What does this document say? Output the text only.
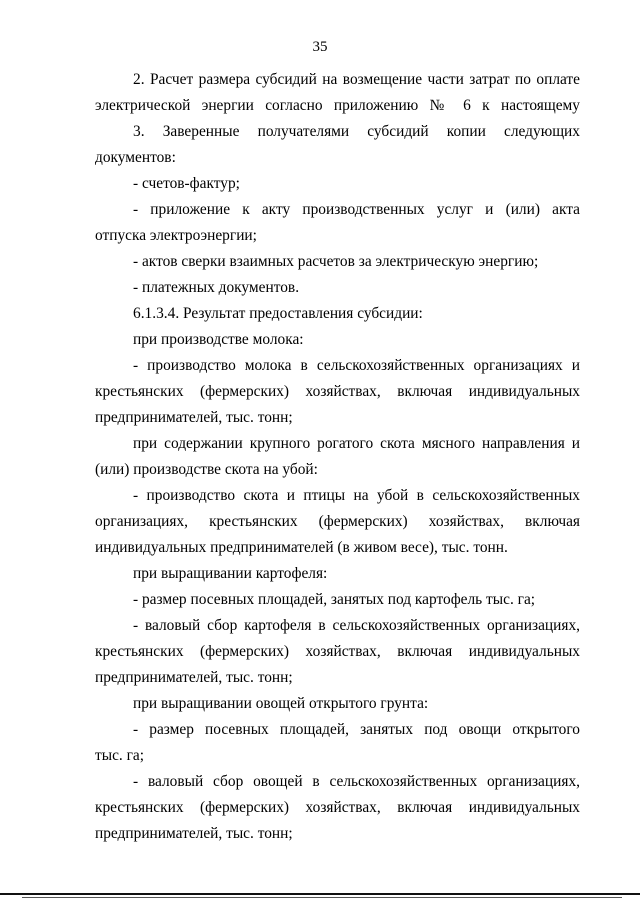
35
2. Расчет размера субсидий на возмещение части затрат по оплате
электрической энергии согласно приложению № 6 к настоящему
3. Заверенные получателями субсидий копии следующих
документов:
- счетов-фактур;
- приложение к акту производственных услуг и (или) акта
отпуска электроэнергии;
- актов сверки взаимных расчетов за электрическую энергию;
- платежных документов.
6.1.3.4. Результат предоставления субсидии:
при производстве молока:
- производство молока в сельскохозяйственных организациях и
крестьянских (фермерских) хозяйствах, включая индивидуальных
предпринимателей, тыс. тонн;
при содержании крупного рогатого скота мясного направления и
(или) производстве скота на убой:
- производство скота и птицы на убой в сельскохозяйственных
организациях, крестьянских (фермерских) хозяйствах, включая
индивидуальных предпринимателей (в живом весе), тыс. тонн.
при выращивании картофеля:
- размер посевных площадей, занятых под картофель тыс. га;
- валовый сбор картофеля в сельскохозяйственных организациях,
крестьянских (фермерских) хозяйствах, включая индивидуальных
предпринимателей, тыс. тонн;
при выращивании овощей открытого грунта:
- размер посевных площадей, занятых под овощи открытого
тыс. га;
- валовый сбор овощей в сельскохозяйственных организациях,
крестьянских (фермерских) хозяйствах, включая индивидуальных
предпринимателей, тыс. тонн;
